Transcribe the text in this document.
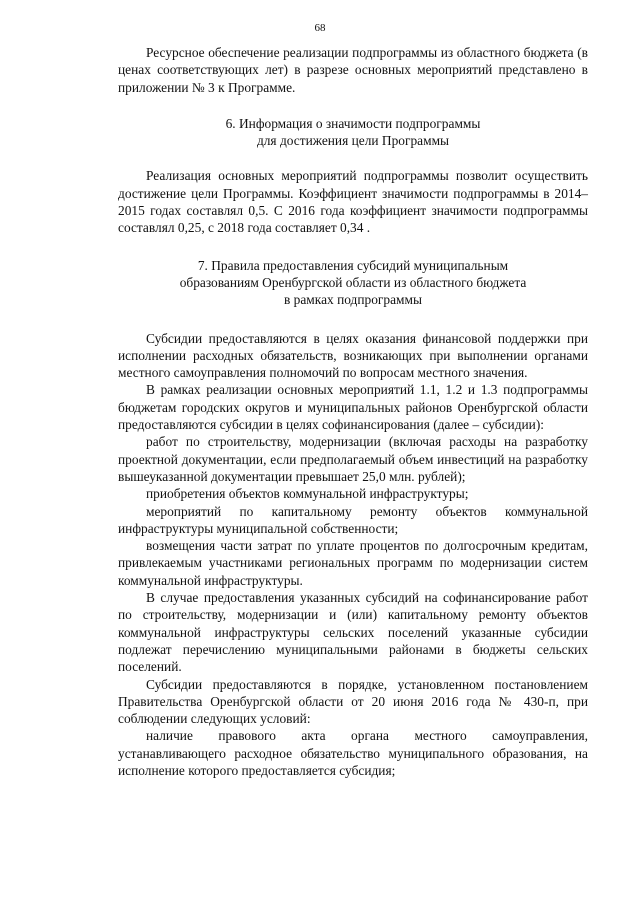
68

Ресурсное обеспечение реализации подпрограммы из областного бюджета (в ценах соответствующих лет) в разрезе основных мероприятий представлено в приложении № 3 к Программе.

6. Информация о значимости подпрограммы
для достижения цели Программы

Реализация основных мероприятий подпрограммы позволит осуществить достижение цели Программы. Коэффициент значимости подпрограммы в 2014–2015 годах составлял 0,5. С 2016 года коэффициент значимости подпрограммы составлял 0,25, с 2018 года составляет 0,34 .

7. Правила предоставления субсидий муниципальным
образованиям Оренбургской области из областного бюджета
в рамках подпрограммы

Субсидии предоставляются в целях оказания финансовой поддержки при исполнении расходных обязательств, возникающих при выполнении органами местного самоуправления полномочий по вопросам местного значения.

В рамках реализации основных мероприятий 1.1, 1.2 и 1.3 подпрограммы бюджетам городских округов и муниципальных районов Оренбургской области предоставляются субсидии в целях софинансирования (далее – субсидии):

работ по строительству, модернизации (включая расходы на разработку проектной документации, если предполагаемый объем инвестиций на разработку вышеуказанной документации превышает 25,0 млн. рублей);

приобретения объектов коммунальной инфраструктуры;

мероприятий по капитальному ремонту объектов коммунальной инфраструктуры муниципальной собственности;

возмещения части затрат по уплате процентов по долгосрочным кредитам, привлекаемым участниками региональных программ по модернизации систем коммунальной инфраструктуры.

В случае предоставления указанных субсидий на софинансирование работ по строительству, модернизации и (или) капитальному ремонту объектов коммунальной инфраструктуры сельских поселений указанные субсидии подлежат перечислению муниципальными районами в бюджеты сельских поселений.

Субсидии предоставляются в порядке, установленном постановлением Правительства Оренбургской области от 20 июня 2016 года № 430-п, при соблюдении следующих условий:

наличие правового акта органа местного самоуправления, устанавливающего расходное обязательство муниципального образования, на исполнение которого предоставляется субсидия;
